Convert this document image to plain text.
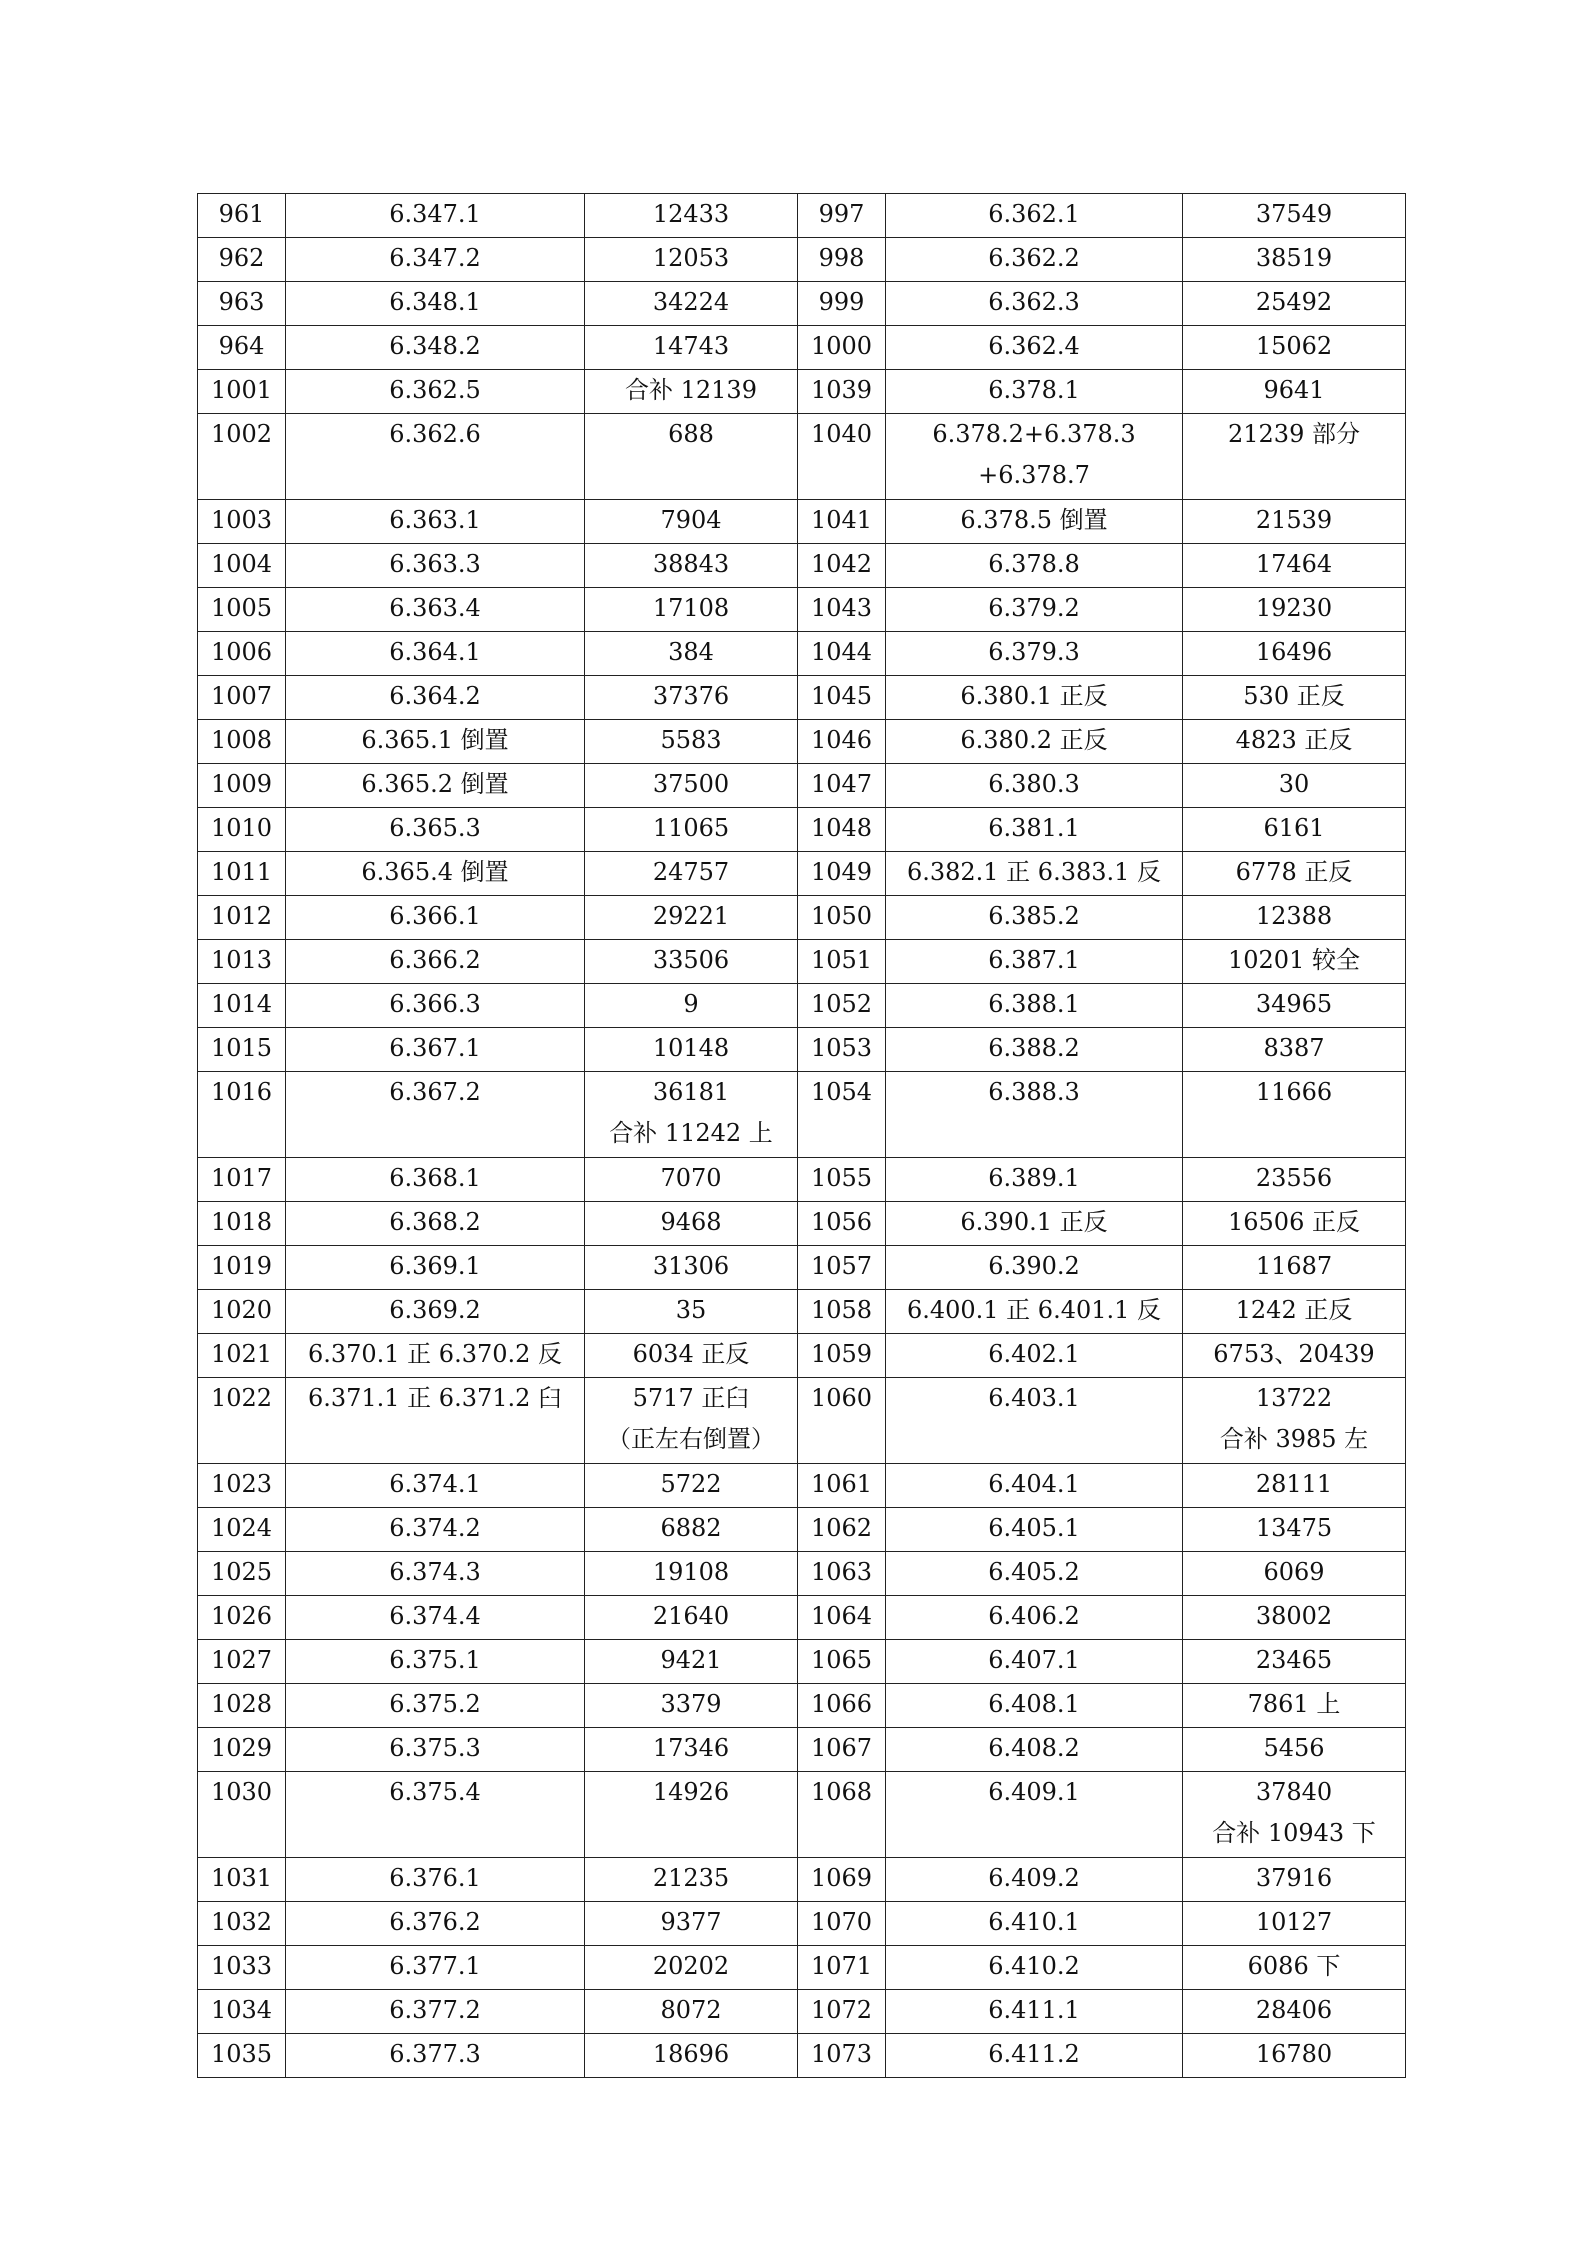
961	6.347.1	12433	997	6.362.1	37549

962	6.347.2	12053	998	6.362.2	38519

963	6.348.1	34224	999	6.362.3	25492

964	6.348.2	14743	1000	6.362.4	15062

1001	6.362.5	合补 12139	1039	6.378.1	9641

1002	6.362.6	688	1040	6.378.2+6.378.3
+6.378.7	21239 部分

1003	6.363.1	7904	1041	6.378.5 倒置	21539

1004	6.363.3	38843	1042	6.378.8	17464

1005	6.363.4	17108	1043	6.379.2	19230

1006	6.364.1	384	1044	6.379.3	16496

1007	6.364.2	37376	1045	6.380.1 正反	530 正反

1008	6.365.1 倒置	5583	1046	6.380.2 正反	4823 正反

1009	6.365.2 倒置	37500	1047	6.380.3	30

1010	6.365.3	11065	1048	6.381.1	6161

1011	6.365.4 倒置	24757	1049	6.382.1 正 6.383.1 反	6778 正反

1012	6.366.1	29221	1050	6.385.2	12388

1013	6.366.2	33506	1051	6.387.1	10201 较全

1014	6.366.3	9	1052	6.388.1	34965

1015	6.367.1	10148	1053	6.388.2	8387

1016	6.367.2	36181
合补 11242 上	1054	6.388.3	11666

1017	6.368.1	7070	1055	6.389.1	23556

1018	6.368.2	9468	1056	6.390.1 正反	16506 正反

1019	6.369.1	31306	1057	6.390.2	11687

1020	6.369.2	35	1058	6.400.1 正 6.401.1 反	1242 正反

1021	6.370.1 正 6.370.2 反	6034 正反	1059	6.402.1	6753、20439

1022	6.371.1 正 6.371.2 臼	5717 正臼
（正左右倒置）	1060	6.403.1	13722
合补 3985 左

1023	6.374.1	5722	1061	6.404.1	28111

1024	6.374.2	6882	1062	6.405.1	13475

1025	6.374.3	19108	1063	6.405.2	6069

1026	6.374.4	21640	1064	6.406.2	38002

1027	6.375.1	9421	1065	6.407.1	23465

1028	6.375.2	3379	1066	6.408.1	7861 上

1029	6.375.3	17346	1067	6.408.2	5456

1030	6.375.4	14926	1068	6.409.1	37840
合补 10943 下

1031	6.376.1	21235	1069	6.409.2	37916

1032	6.376.2	9377	1070	6.410.1	10127

1033	6.377.1	20202	1071	6.410.2	6086 下

1034	6.377.2	8072	1072	6.411.1	28406

1035	6.377.3	18696	1073	6.411.2	16780
